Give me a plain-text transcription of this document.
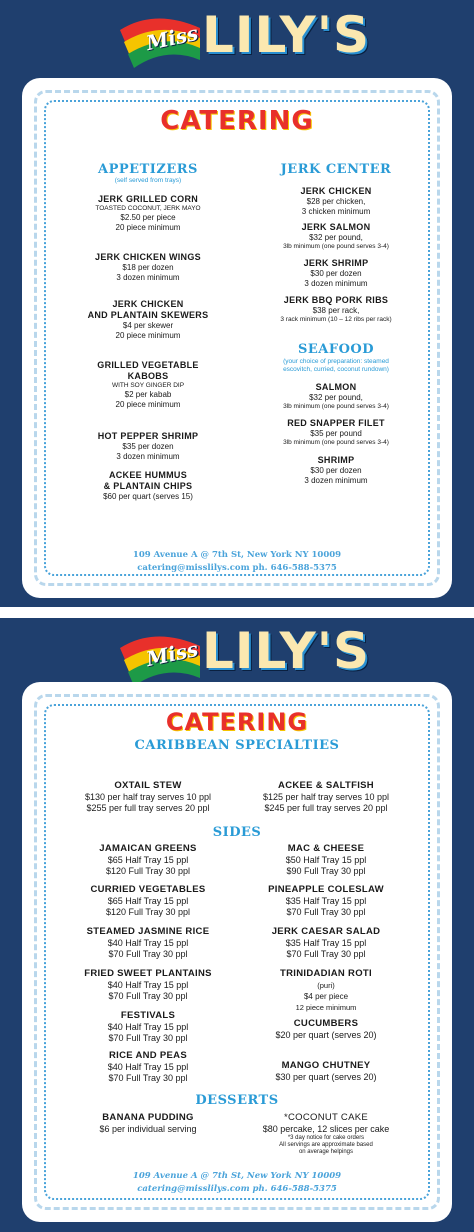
Miss LILY'S
CATERING
APPETIZERS
(self served from trays)
JERK GRILLED CORN
TOASTED COCONUT, JERK MAYO
$2.50 per piece
20 piece minimum
JERK CHICKEN WINGS
$18 per dozen
3 dozen minimum
JERK CHICKEN
AND PLANTAIN SKEWERS
$4 per skewer
20 piece minimum
GRILLED VEGETABLE
KABOBS
WITH SOY GINGER DIP
$2 per kabab
20 piece minimum
HOT PEPPER SHRIMP
$35 per dozen
3 dozen minimum
ACKEE HUMMUS
& PLANTAIN CHIPS
$60 per quart (serves 15)
JERK CENTER
JERK CHICKEN
$28 per chicken,
3 chicken minimum
JERK SALMON
$32 per pound,
3lb minimum (one pound serves 3-4)
JERK SHRIMP
$30 per dozen
3 dozen minimum
JERK BBQ PORK RIBS
$38 per rack,
3 rack minimum (10 – 12 ribs per rack)
SEAFOOD
(your choice of preparation: steamed
escovitch, curried, coconut rundown)
SALMON
$32 per pound,
3lb minimum (one pound serves 3-4)
RED SNAPPER FILET
$35 per pound
3lb minimum (one pound serves 3-4)
SHRIMP
$30 per dozen
3 dozen minimum
109 Avenue A @ 7th St, New York NY 10009
catering@misslilys.com ph. 646-588-5375
Miss LILY'S
CATERING
CARIBBEAN SPECIALTIES
OXTAIL STEW
$130 per half tray serves 10 ppl
$255 per full tray serves 20 ppl
ACKEE & SALTFISH
$125 per half tray serves 10 ppl
$245 per full tray serves 20 ppl
SIDES
JAMAICAN GREENS
$65 Half Tray 15 ppl
$120 Full Tray 30 ppl
CURRIED VEGETABLES
$65 Half Tray 15 ppl
$120 Full Tray 30 ppl
STEAMED JASMINE RICE
$40 Half Tray 15 ppl
$70 Full Tray 30 ppl
FRIED SWEET PLANTAINS
$40 Half Tray 15 ppl
$70 Full Tray 30 ppl
FESTIVALS
$40 Half Tray 15 ppl
$70 Full Tray 30 ppl
RICE AND PEAS
$40 Half Tray 15 ppl
$70 Full Tray 30 ppl
MAC & CHEESE
$50 Half Tray 15 ppl
$90 Full Tray 30 ppl
PINEAPPLE COLESLAW
$35 Half Tray 15 ppl
$70 Full Tray 30 ppl
JERK CAESAR SALAD
$35 Half Tray 15 ppl
$70 Full Tray 30 ppl
TRINIDADIAN ROTI
(puri)
$4 per piece
12 piece minimum
CUCUMBERS
$20 per quart (serves 20)
MANGO CHUTNEY
$30 per quart (serves 20)
DESSERTS
BANANA PUDDING
$6 per individual serving
*COCONUT CAKE
$80 percake, 12 slices per cake
*3 day notice for cake orders
All servings are approximate based
on average helpings
109 Avenue A @ 7th St, New York NY 10009
catering@misslilys.com ph. 646-588-5375
